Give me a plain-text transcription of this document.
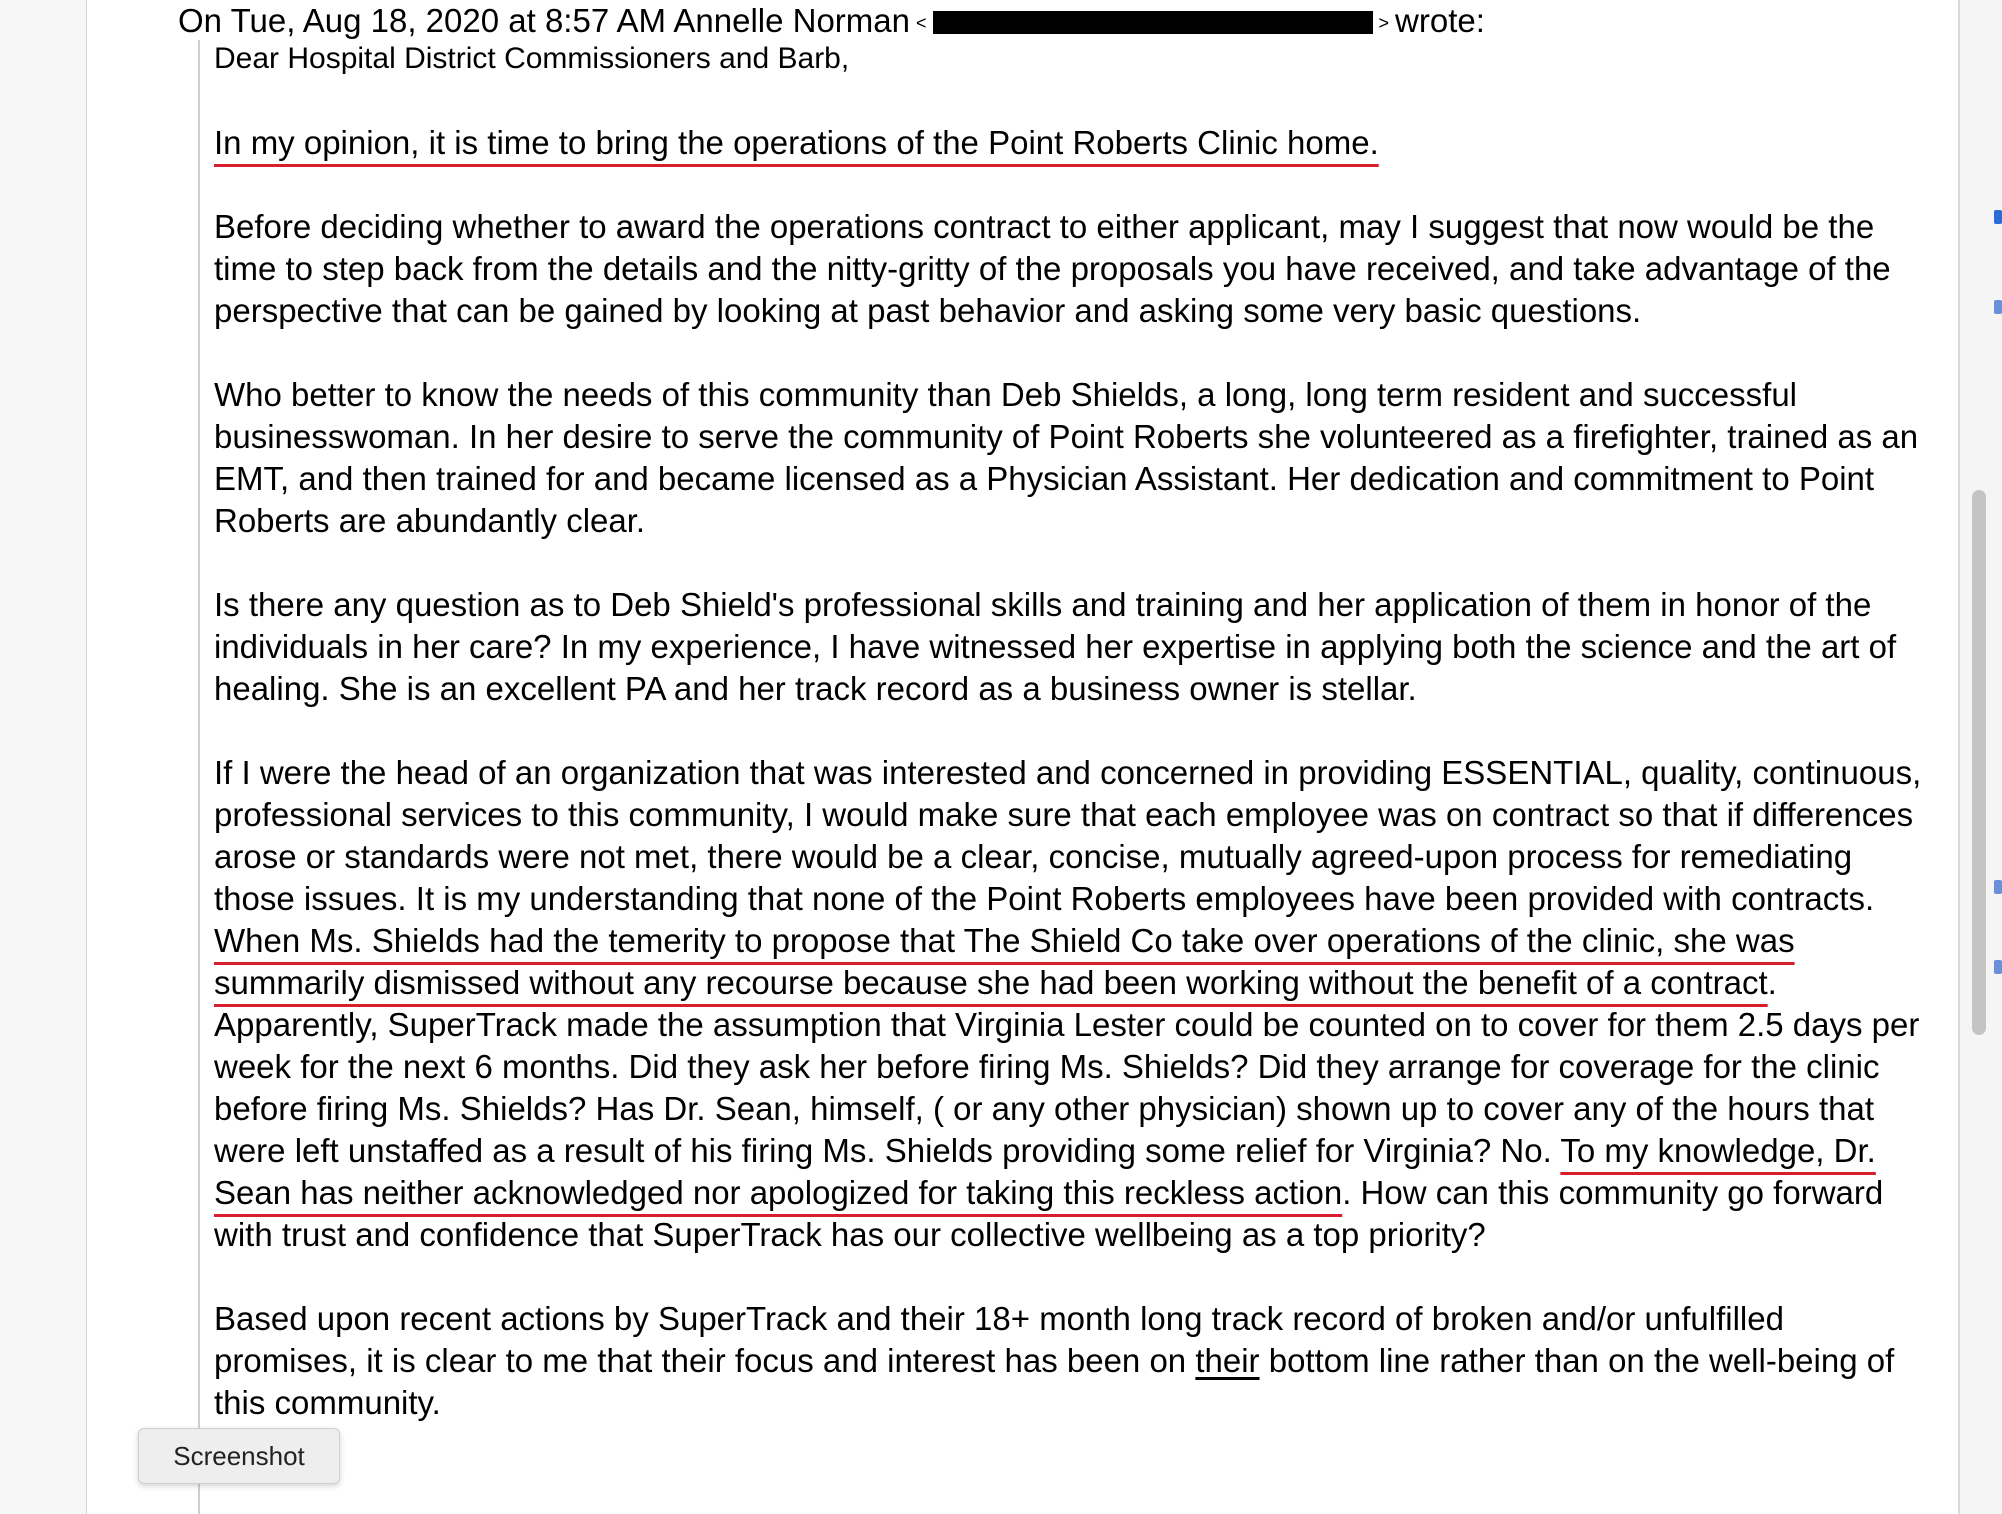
On Tue, Aug 18, 2020 at 8:57 AM Annelle Norman <	> wrote:

Dear Hospital District Commissioners and Barb,

In my opinion, it is time to bring the operations of the Point Roberts Clinic home.

Before deciding whether to award the operations contract to either applicant, may I suggest that now would be the time to step back from the details and the nitty-gritty of the proposals you have received, and take advantage of the perspective that can be gained by looking at past behavior and asking some very basic questions.

Who better to know the needs of this community than Deb Shields, a long, long term resident and successful businesswoman. In her desire to serve the community of Point Roberts she volunteered as a firefighter, trained as an EMT, and then trained for and became licensed as a Physician Assistant. Her dedication and commitment to Point Roberts are abundantly clear.

Is there any question as to Deb Shield's professional skills and training and her application of them in honor of the individuals in her care? In my experience, I have witnessed her expertise in applying both the science and the art of healing. She is an excellent PA and her track record as a business owner is stellar.

If I were the head of an organization that was interested and concerned in providing ESSENTIAL, quality, continuous, professional services to this community, I would make sure that each employee was on contract so that if differences arose or standards were not met, there would be a clear, concise, mutually agreed-upon process for remediating those issues. It is my understanding that none of the Point Roberts employees have been provided with contracts. When Ms. Shields had the temerity to propose that The Shield Co take over operations of the clinic, she was summarily dismissed without any recourse because she had been working without the benefit of a contract. Apparently, SuperTrack made the assumption that Virginia Lester could be counted on to cover for them 2.5 days per week for the next 6 months. Did they ask her before firing Ms. Shields? Did they arrange for coverage for the clinic before firing Ms. Shields? Has Dr. Sean, himself, ( or any other physician) shown up to cover any of the hours that were left unstaffed as a result of his firing Ms. Shields providing some relief for Virginia? No. To my knowledge, Dr. Sean has neither acknowledged nor apologized for taking this reckless action. How can this community go forward with trust and confidence that SuperTrack has our collective wellbeing as a top priority?

Based upon recent actions by SuperTrack and their 18+ month long track record of broken and/or unfulfilled promises, it is clear to me that their focus and interest has been on their bottom line rather than on the well-being of this community.

Screenshot
